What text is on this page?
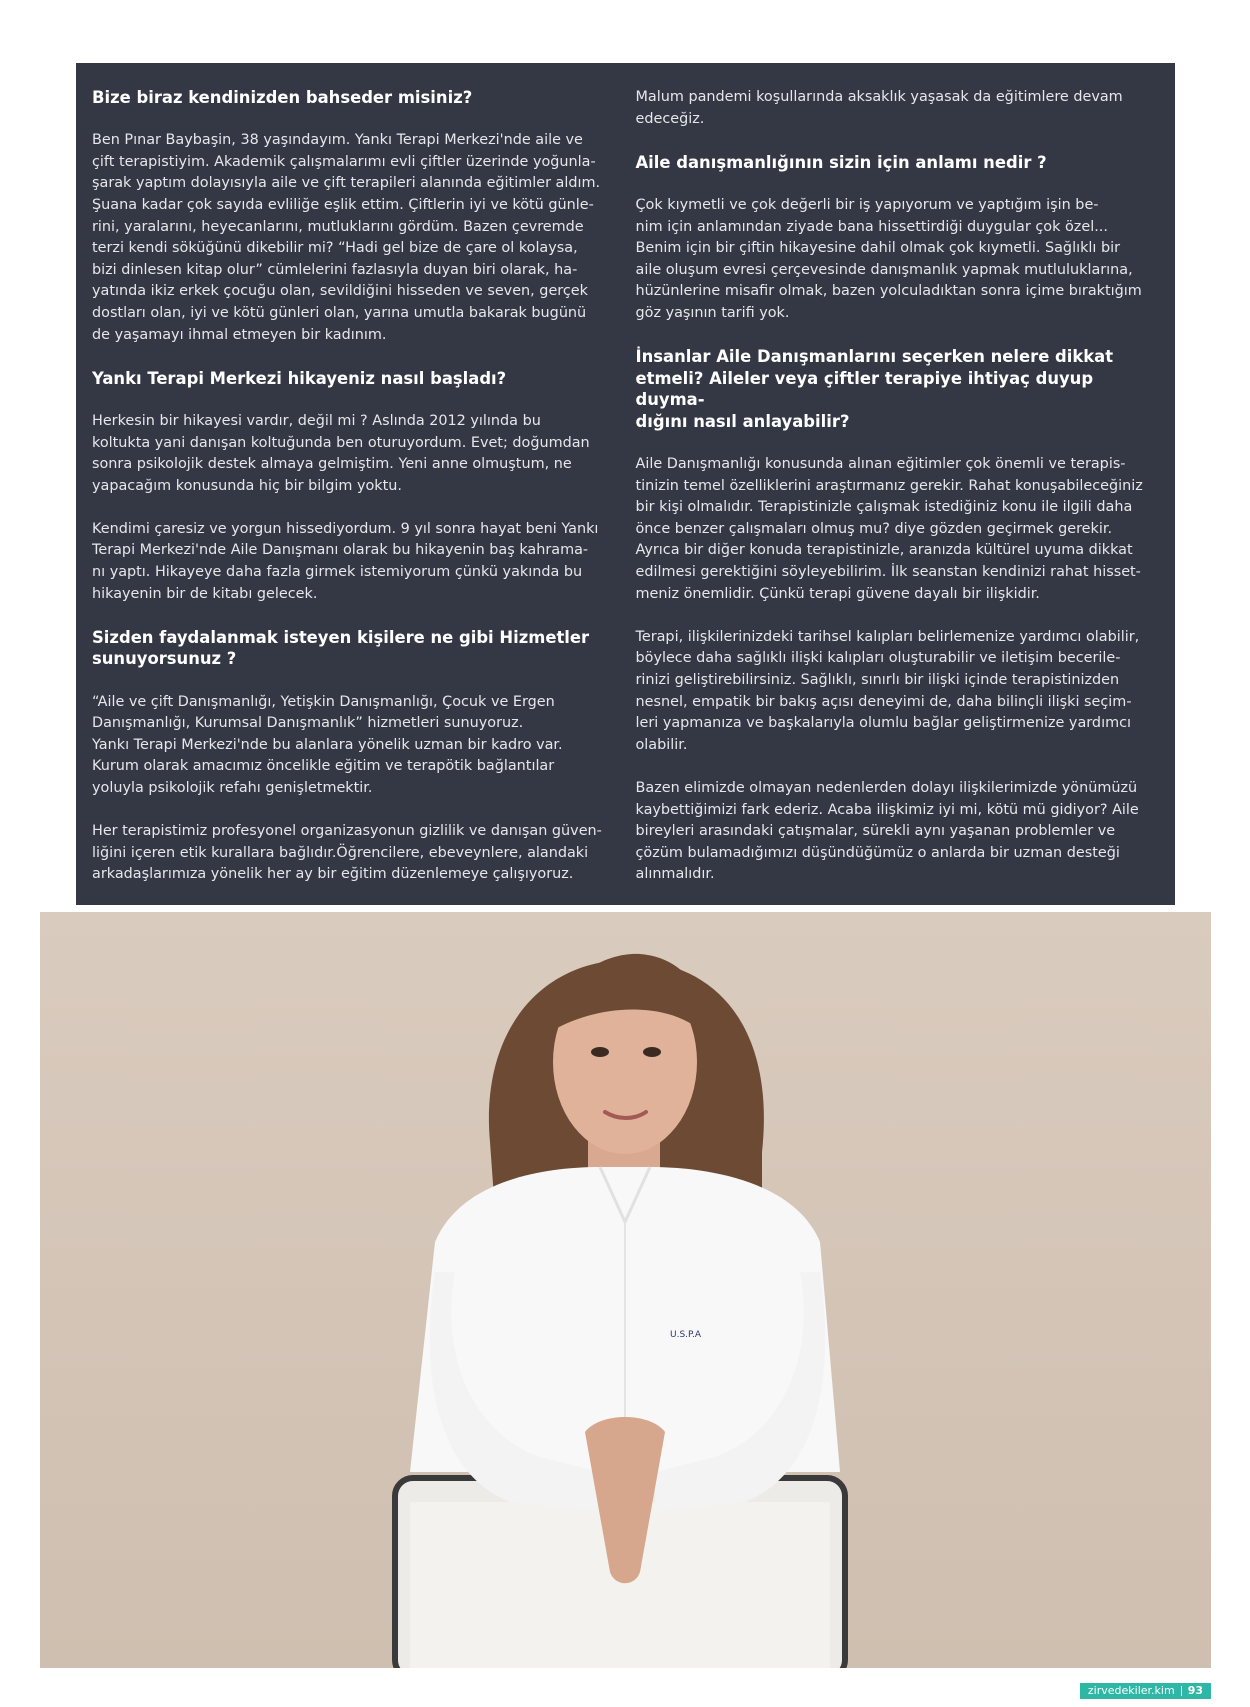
Bize biraz kendinizden bahseder misiniz?

Ben Pınar Baybaşin, 38 yaşındayım. Yankı Terapi Merkezi'nde aile ve
çift terapistiyim. Akademik çalışmalarımı evli çiftler üzerinde yoğunla-
şarak yaptım dolayısıyla aile ve çift terapileri alanında eğitimler aldım.
Şuana kadar çok sayıda evliliğe eşlik ettim. Çiftlerin iyi ve kötü günle-
rini, yaralarını, heyecanlarını, mutluklarını gördüm. Bazen çevremde
terzi kendi söküğünü dikebilir mi? “Hadi gel bize de çare ol kolaysa,
bizi dinlesen kitap olur” cümlelerini fazlasıyla duyan biri olarak, ha-
yatında ikiz erkek çocuğu olan, sevildiğini hisseden ve seven, gerçek
dostları olan, iyi ve kötü günleri olan, yarına umutla bakarak bugünü
de yaşamayı ihmal etmeyen bir kadınım.

Yankı Terapi Merkezi hikayeniz nasıl başladı?

Herkesin bir hikayesi vardır, değil mi ? Aslında 2012 yılında bu
koltukta yani danışan koltuğunda ben oturuyordum. Evet; doğumdan
sonra psikolojik destek almaya gelmiştim. Yeni anne olmuştum, ne
yapacağım konusunda hiç bir bilgim yoktu.

Kendimi çaresiz ve yorgun hissediyordum. 9 yıl sonra hayat beni Yankı
Terapi Merkezi'nde Aile Danışmanı olarak bu hikayenin baş kahrama-
nı yaptı. Hikayeye daha fazla girmek istemiyorum çünkü yakında bu
hikayenin bir de kitabı gelecek.

Sizden faydalanmak isteyen kişilere ne gibi Hizmetler
sunuyorsunuz ?

“Aile ve çift Danışmanlığı, Yetişkin Danışmanlığı, Çocuk ve Ergen
Danışmanlığı, Kurumsal Danışmanlık” hizmetleri sunuyoruz.
Yankı Terapi Merkezi'nde bu alanlara yönelik uzman bir kadro var.
Kurum olarak amacımız öncelikle eğitim ve terapötik bağlantılar
yoluyla psikolojik refahı genişletmektir.

Her terapistimiz profesyonel organizasyonun gizlilik ve danışan güven-
liğini içeren etik kurallara bağlıdır.Öğrencilere, ebeveynlere, alandaki
arkadaşlarımıza yönelik her ay bir eğitim düzenlemeye çalışıyoruz.

Malum pandemi koşullarında aksaklık yaşasak da eğitimlere devam
edeceğiz.

Aile danışmanlığının sizin için anlamı nedir ?

Çok kıymetli ve çok değerli bir iş yapıyorum ve yaptığım işin be-
nim için anlamından ziyade bana hissettirdiği duygular çok özel...
Benim için bir çiftin hikayesine dahil olmak çok kıymetli. Sağlıklı bir
aile oluşum evresi çerçevesinde danışmanlık yapmak mutluluklarına,
hüzünlerine misafir olmak, bazen yolculadıktan sonra içime bıraktığım
göz yaşının tarifi yok.

İnsanlar Aile Danışmanlarını seçerken nelere dikkat
etmeli? Aileler veya çiftler terapiye ihtiyaç duyup duyma-
dığını nasıl anlayabilir?

Aile Danışmanlığı konusunda alınan eğitimler çok önemli ve terapis-
tinizin temel özelliklerini araştırmanız gerekir. Rahat konuşabileceğiniz
bir kişi olmalıdır. Terapistinizle çalışmak istediğiniz konu ile ilgili daha
önce benzer çalışmaları olmuş mu? diye gözden geçirmek gerekir.
Ayrıca bir diğer konuda terapistinizle, aranızda kültürel uyuma dikkat
edilmesi gerektiğini söyleyebilirim. İlk seanstan kendinizi rahat hisset-
meniz önemlidir. Çünkü terapi güvene dayalı bir ilişkidir.

Terapi, ilişkilerinizdeki tarihsel kalıpları belirlemenize yardımcı olabilir,
böylece daha sağlıklı ilişki kalıpları oluşturabilir ve iletişim becerile-
rinizi geliştirebilirsiniz. Sağlıklı, sınırlı bir ilişki içinde terapistinizden
nesnel, empatik bir bakış açısı deneyimi de, daha bilinçli ilişki seçim-
leri yapmanıza ve başkalarıyla olumlu bağlar geliştirmenize yardımcı
olabilir.

Bazen elimizde olmayan nedenlerden dolayı ilişkilerimizde yönümüzü
kaybettiğimizi fark ederiz. Acaba ilişkimiz iyi mi, kötü mü gidiyor? Aile
bireyleri arasındaki çatışmalar, sürekli aynı yaşanan problemler ve
çözüm bulamadığımızı düşündüğümüz o anlarda bir uzman desteği
alınmalıdır.

U.S.P.A
zirvedekiler.kim 93
